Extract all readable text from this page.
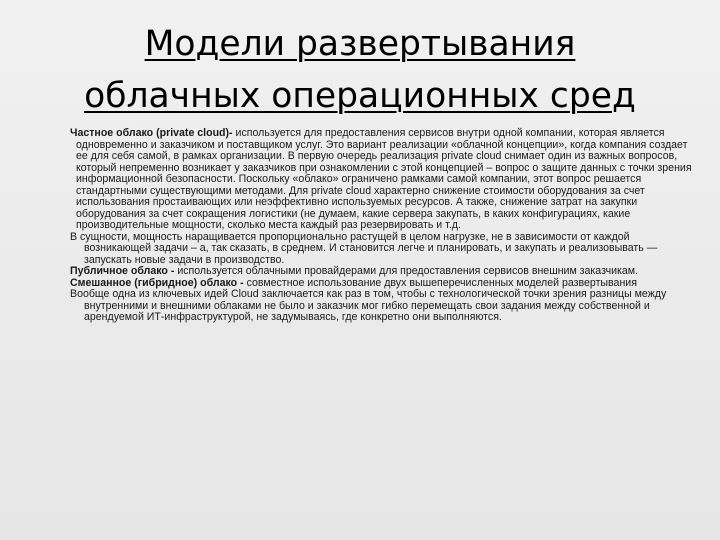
Модели развертывания
облачных операционных сред

Частное облако (private cloud)- используется для предоставления сервисов внутри одной компании, которая является одновременно и заказчиком и поставщиком услуг. Это вариант реализации «облачной концепции», когда компания создает ее для себя самой, в рамках организации. В первую очередь реализация private cloud снимает один из важных вопросов, который непременно возникает у заказчиков при ознакомлении с этой концепцией – вопрос о защите данных с точки зрения информационной безопасности. Поскольку «облако» ограничено рамками самой компании, этот вопрос решается стандартными существующими методами. Для private cloud характерно снижение стоимости оборудования за счет использования простаивающих или неэффективно используемых ресурсов. А также, снижение затрат на закупки оборудования за счет сокращения логистики (не думаем, какие сервера закупать, в каких конфигурациях, какие производительные мощности, сколько места каждый раз резервировать и т.д.

В сущности, мощность наращивается пропорционально растущей в целом нагрузке, не в зависимости от каждой возникающей задачи – а, так сказать, в среднем. И становится легче и планировать, и закупать и реализовывать — запускать новые задачи в производство.

Публичное облако - используется облачными провайдерами для предоставления сервисов внешним заказчикам.

Смешанное (гибридное) облако - совместное использование двух вышеперечисленных моделей развертывания

Вообще одна из ключевых идей Cloud заключается как раз в том, чтобы с технологической точки зрения разницы между внутренними и внешними облаками не было и заказчик мог гибко перемещать свои задания между собственной и арендуемой ИТ-инфраструктурой, не задумываясь, где конкретно они выполняются.
